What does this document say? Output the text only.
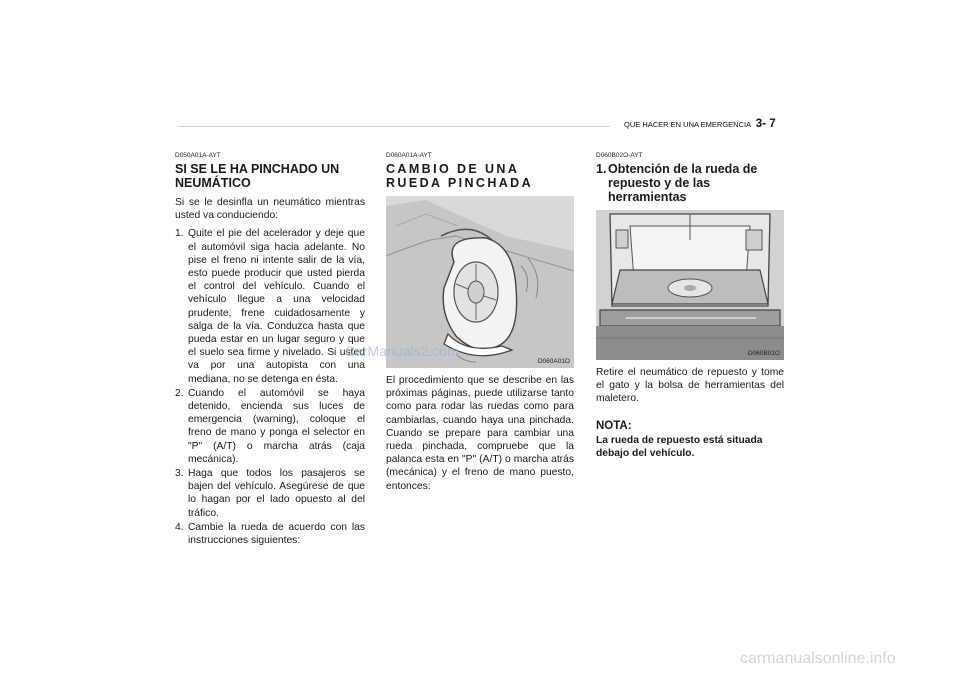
QUE HACER EN UNA EMERGENCIA 3- 7
D050A01A-AYT
SI SE LE HA PINCHADO UN NEUMÁTICO

Si se le desinfla un neumático mientras usted va conduciendo:

1. Quite el pie del acelerador y deje que el automóvil siga hacia adelante. No pise el freno ni intente salir de la vía, esto puede producir que usted pierda el control del vehículo. Cuando el vehículo llegue a una velocidad prudente, frene cuidadosamente y salga de la vía. Conduzca hasta que pueda estar en un lugar seguro y que el suelo sea firme y nivelado. Si usted va por una autopista con una mediana, no se detenga en ésta.
2. Cuando el automóvil se haya detenido, encienda sus luces de emergencia (warning), coloque el freno de mano y ponga el selector en "P" (A/T) o marcha atrás (caja mecánica).
3. Haga que todos los pasajeros se bajen del vehículo. Asegúrese de que lo hagan por el lado opuesto al del tráfico.
4. Cambie la rueda de acuerdo con las instrucciones siguientes:
D060A01A-AYT
CAMBIO DE UNA RUEDA PINCHADA
D060A01O

El procedimiento que se describe en las próximas páginas, puede utilizarse tanto como para rodar las ruedas como para cambiarlas, cuando haya una pinchada. Cuando se prepare para cambiar una rueda pinchada, compruebe que la palanca esta en "P" (A/T) o marcha atrás (mecánica) y el freno de mano puesto, entonces:

D060B02O-AYT
1. Obtención de la rueda de repuesto y de las herramientas
D060B01O

Retire el neumático de repuesto y tome el gato y la bolsa de herramientas del maletero.

NOTA:

La rueda de repuesto está situada debajo del vehículo.

CarManuals2.com
carmanualsonline.info
